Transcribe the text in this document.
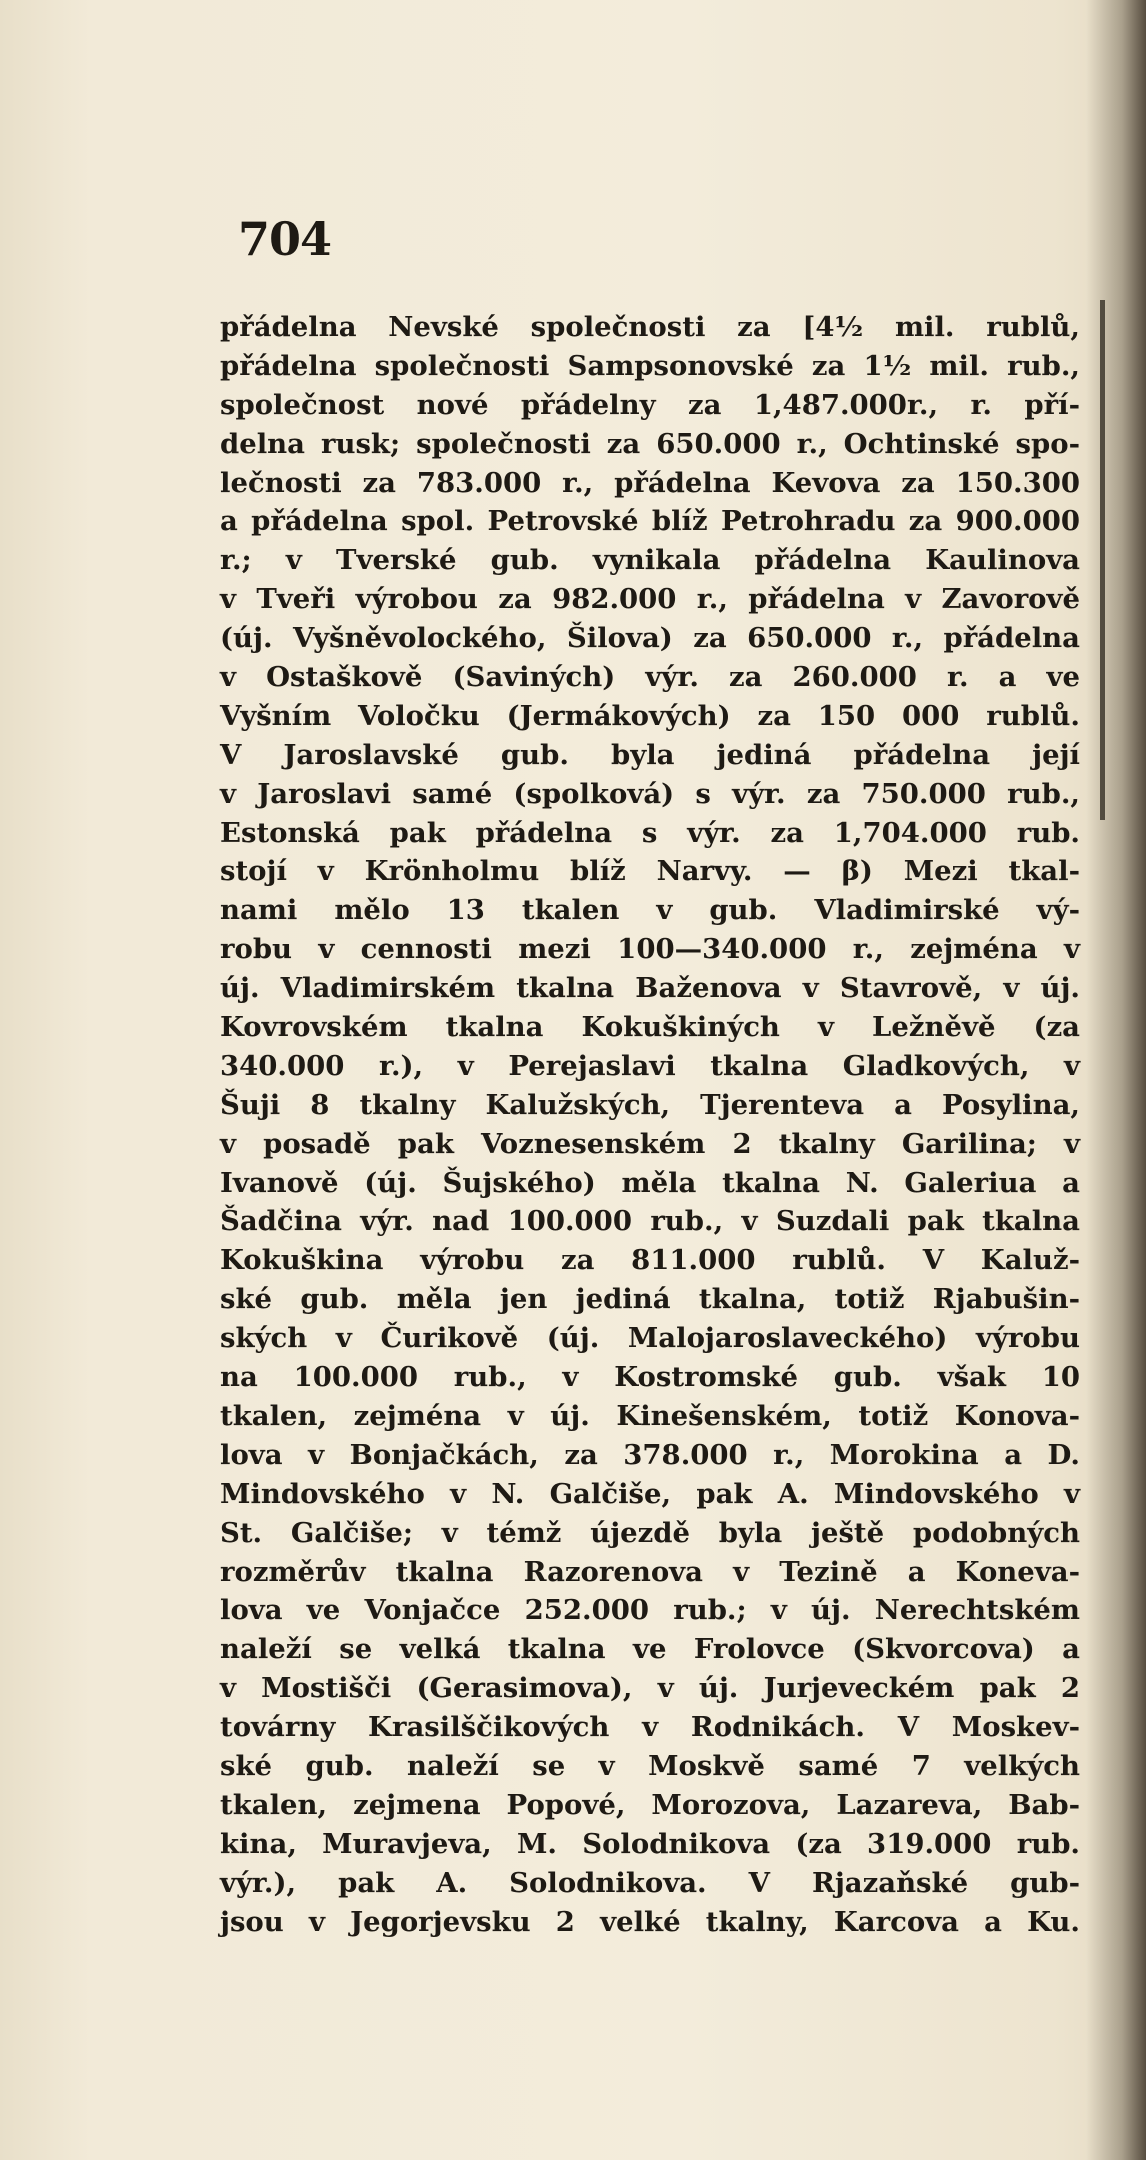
704
přádelna Nevské společnosti za [4½ mil. rublů,
přádelna společnosti Sampsonovské za 1½ mil. rub.,
společnost nové přádelny za 1,487.000r., r. pří-
delna rusk; společnosti za 650.000 r., Ochtinské spo-
lečnosti za 783.000 r., přádelna Kevova za 150.300
a přádelna spol. Petrovské blíž Petrohradu za 900.000
r.; v Tverské gub. vynikala přádelna Kaulinova
v Tveři výrobou za 982.000 r., přádelna v Zavorově
(új. Vyšněvolockého, Šilova) za 650.000 r., přádelna
v Ostaškově (Saviných) výr. za 260.000 r. a ve
Vyšním Voločku (Jermákových) za 150 000 rublů.
V Jaroslavské gub. byla jediná přádelna její
v Jaroslavi samé (spolková) s výr. za 750.000 rub.,
Estonská pak přádelna s výr. za 1,704.000 rub.
stojí v Krönholmu blíž Narvy. — β) Mezi tkal-
nami mělo 13 tkalen v gub. Vladimirské vý-
robu v cennosti mezi 100—340.000 r., zejména v
új. Vladimirském tkalna Baženova v Stavrově, v új.
Kovrovském tkalna Kokuškiných v Ležněvě (za
340.000 r.), v Perejaslavi tkalna Gladkových, v
Šuji 8 tkalny Kalužských, Tjerenteva a Posylina,
v posadě pak Voznesenském 2 tkalny Garilina; v
Ivanově (új. Šujského) měla tkalna N. Galeriua a
Šadčina výr. nad 100.000 rub., v Suzdali pak tkalna
Kokuškina výrobu za 811.000 rublů. V Kaluž-
ské gub. měla jen jediná tkalna, totiž Rjabušin-
ských v Čurikově (új. Malojaroslaveckého) výrobu
na 100.000 rub., v Kostromské gub. však 10
tkalen, zejména v új. Kinešenském, totiž Konova-
lova v Bonjačkách, za 378.000 r., Morokina a D.
Mindovského v N. Galčiše, pak A. Mindovského v
St. Galčiše; v témž újezdě byla ještě podobných
rozměrův tkalna Razorenova v Tezině a Koneva-
lova ve Vonjačce 252.000 rub.; v új. Nerechtském
naleží se velká tkalna ve Frolovce (Skvorcova) a
v Mostišči (Gerasimova), v új. Jurjeveckém pak 2
továrny Krasilščikových v Rodnikách. V Moskev-
ské gub. naleží se v Moskvě samé 7 velkých
tkalen, zejmena Popové, Morozova, Lazareva, Bab-
kina, Muravjeva, M. Solodnikova (za 319.000 rub.
výr.), pak A. Solodnikova. V Rjazaňské gub-
jsou v Jegorjevsku 2 velké tkalny, Karcova a Ku.
